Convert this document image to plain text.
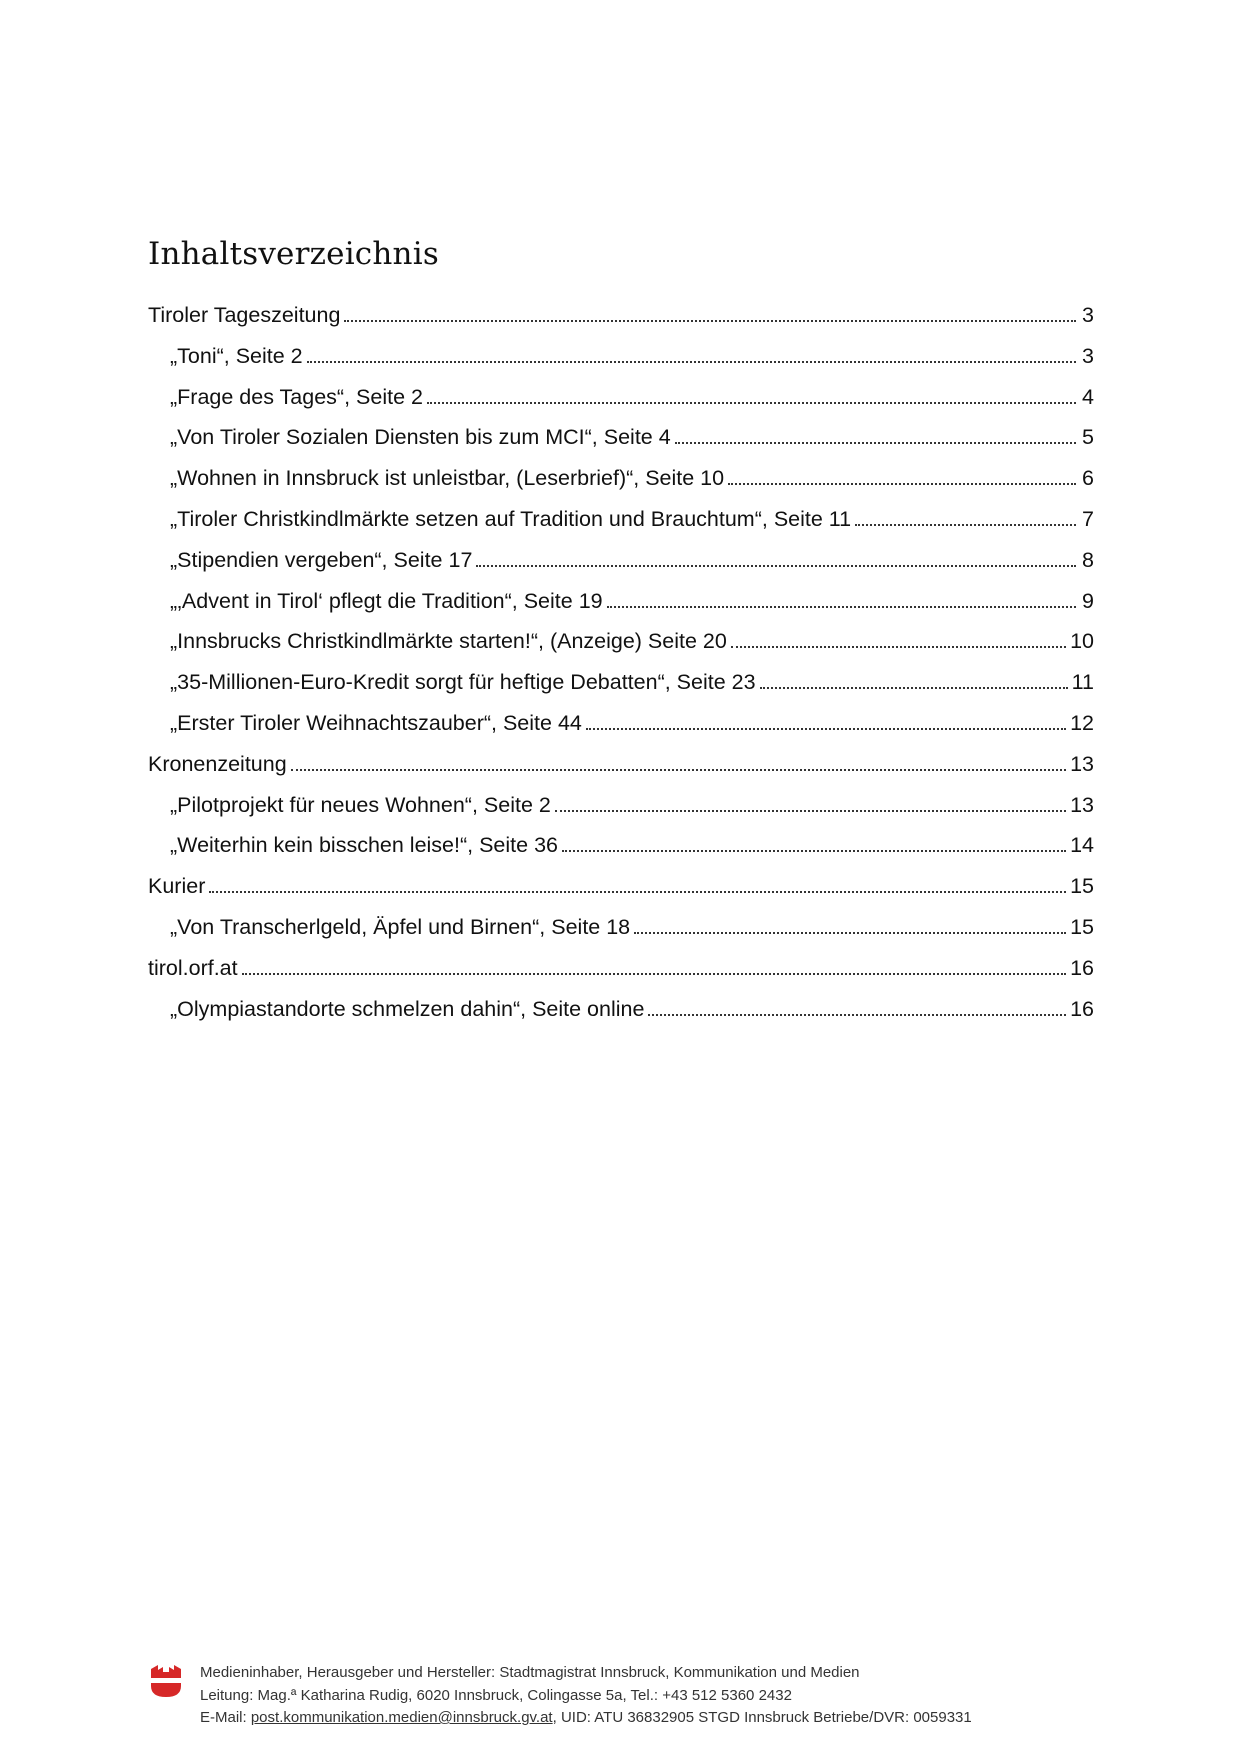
Inhaltsverzeichnis
Tiroler Tageszeitung	3
„Toni“, Seite 2	3
„Frage des Tages“, Seite 2	4
„Von Tiroler Sozialen Diensten bis zum MCI“, Seite 4	5
„Wohnen in Innsbruck ist unleistbar, (Leserbrief)“, Seite 10	6
„Tiroler Christkindlmärkte setzen auf Tradition und Brauchtum“, Seite 11	7
„Stipendien vergeben“, Seite 17	8
„‚Advent in Tirol‘ pflegt die Tradition“, Seite 19	9
„Innsbrucks Christkindlmärkte starten!“, (Anzeige) Seite 20	10
„35-Millionen-Euro-Kredit sorgt für heftige Debatten“, Seite 23	11
„Erster Tiroler Weihnachtszauber“, Seite 44	12
Kronenzeitung	13
„Pilotprojekt für neues Wohnen“, Seite 2	13
„Weiterhin kein bisschen leise!“, Seite 36	14
Kurier	15
„Von Transcherlgeld, Äpfel und Birnen“, Seite 18	15
tirol.orf.at	16
„Olympiastandorte schmelzen dahin“, Seite online	16
Medieninhaber, Herausgeber und Hersteller: Stadtmagistrat Innsbruck, Kommunikation und Medien
Leitung: Mag.ª Katharina Rudig, 6020 Innsbruck, Colingasse 5a, Tel.: +43 512 5360 2432
E-Mail: post.kommunikation.medien@innsbruck.gv.at, UID: ATU 36832905 STGD Innsbruck Betriebe/DVR: 0059331
